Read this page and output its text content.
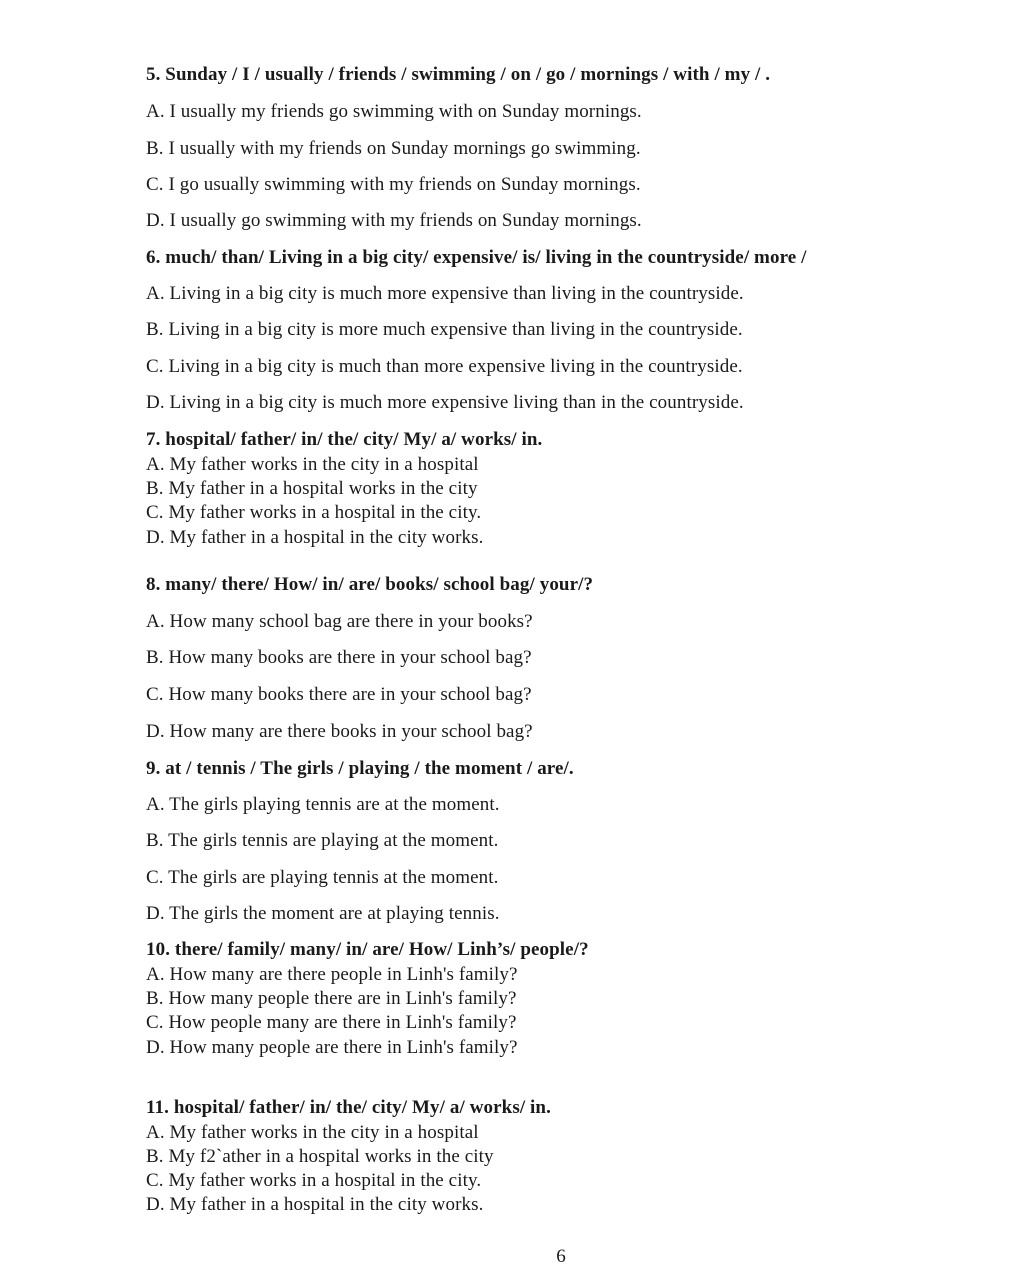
5. Sunday / I / usually / friends / swimming / on / go / mornings / with / my / .
A. I usually my friends go swimming with on Sunday mornings.
B. I usually with my friends on Sunday mornings go swimming.
C. I go usually swimming with my friends on Sunday mornings.
D. I usually go swimming with my friends on Sunday mornings.
6. much/ than/ Living in a big city/ expensive/ is/ living in the countryside/ more /
A. Living in a big city is much more expensive than living in the countryside.
B. Living in a big city is more much expensive than living in the countryside.
C. Living in a big city is much than more expensive living in the countryside.
D. Living in a big city is much more expensive living than in the countryside.
7. hospital/ father/ in/ the/ city/ My/ a/ works/ in.
A. My father works in the city in a hospital
B. My father in a hospital works in the city
C. My father works in a hospital in the city.
D. My father in a hospital in the city works.
8. many/ there/ How/ in/ are/ books/ school bag/ your/?
A. How many school bag are there in your books?
B. How many books are there in your school bag?
C. How many books there are in your school bag?
D. How many are there books in your school bag?
9. at / tennis / The girls / playing / the moment / are/.
A. The girls playing tennis are at the moment.
B. The girls tennis are playing at the moment.
C. The girls are playing tennis at the moment.
D. The girls the moment are at playing tennis.
10. there/ family/ many/ in/ are/ How/ Linh’s/ people/?
A. How many are there people in Linh's family?
B. How many people there are in Linh's family?
C. How people many are there in Linh's family?
D. How many people are there in Linh's family?
11. hospital/ father/ in/ the/ city/ My/ a/ works/ in.
A. My father works in the city in a hospital
B. My f2`ather in a hospital works in the city
C. My father works in a hospital in the city.
D. My father in a hospital in the city works.
6
